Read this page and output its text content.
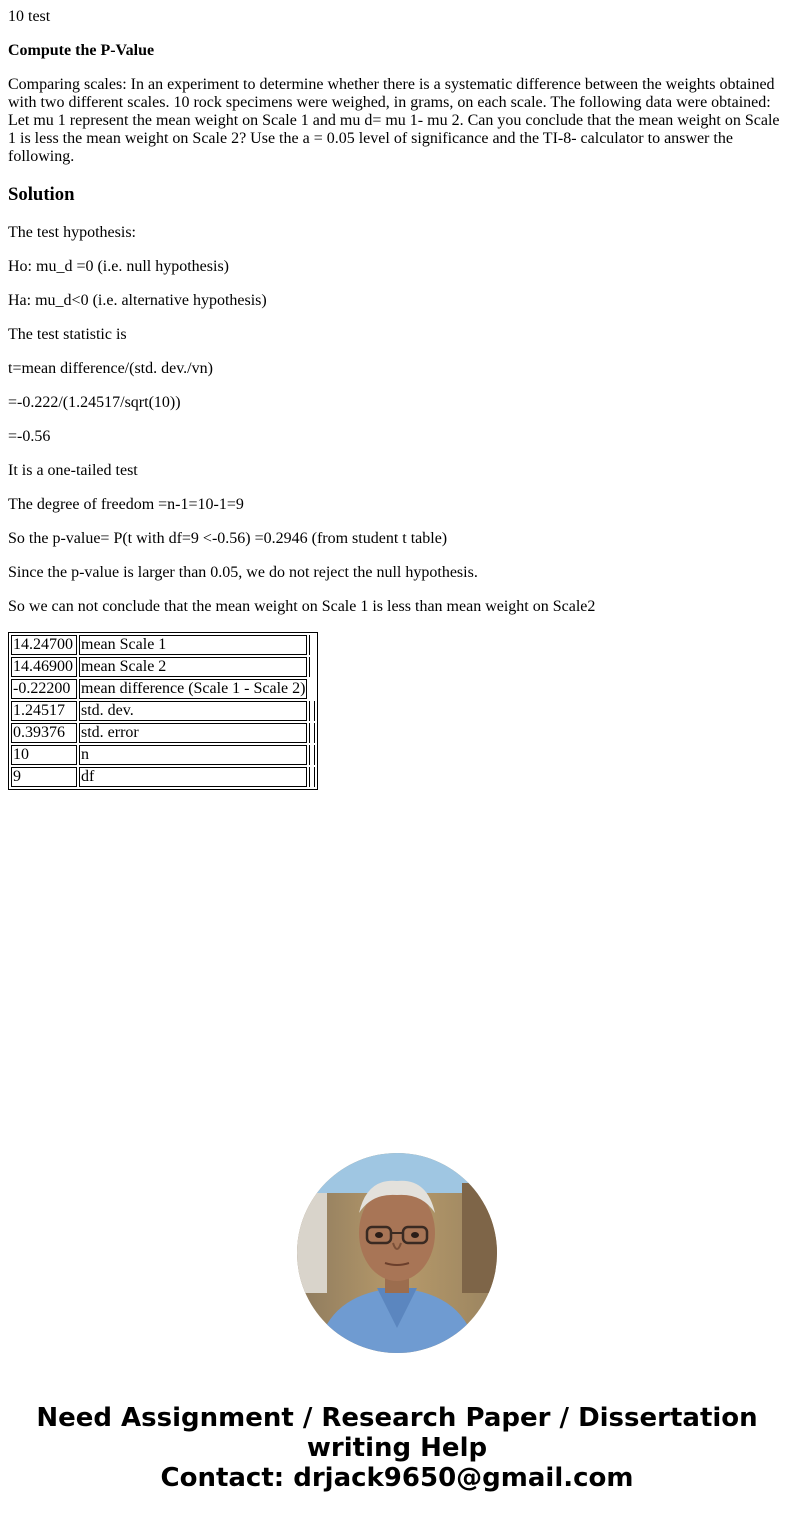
10 test

Compute the P-Value

Comparing scales: In an experiment to determine whether there is a systematic difference between the weights obtained with two different scales. 10 rock specimens were weighed, in grams, on each scale. The following data were obtained: Let mu 1 represent the mean weight on Scale 1 and mu d= mu 1- mu 2. Can you conclude that the mean weight on Scale 1 is less the mean weight on Scale 2? Use the a = 0.05 level of significance and the TI-8- calculator to answer the following.

Solution

The test hypothesis:

Ho: mu_d =0 (i.e. null hypothesis)

Ha: mu_d<0 (i.e. alternative hypothesis)

The test statistic is

t=mean difference/(std. dev./vn)

=-0.222/(1.24517/sqrt(10))

=-0.56

It is a one-tailed test

The degree of freedom =n-1=10-1=9

So the p-value= P(t with df=9 <-0.56) =0.2946 (from student t table)

Since the p-value is larger than 0.05, we do not reject the null hypothesis.

So we can not conclude that the mean weight on Scale 1 is less than mean weight on Scale2

14.24700	mean Scale 1	
14.46900	mean Scale 2	
-0.22200	mean difference (Scale 1 - Scale 2)	
1.24517	std. dev.	
0.39376	std. error	
10	n	
9	df	
Need Assignment / Research Paper / Dissertation
writing Help
Contact: drjack9650@gmail.com
